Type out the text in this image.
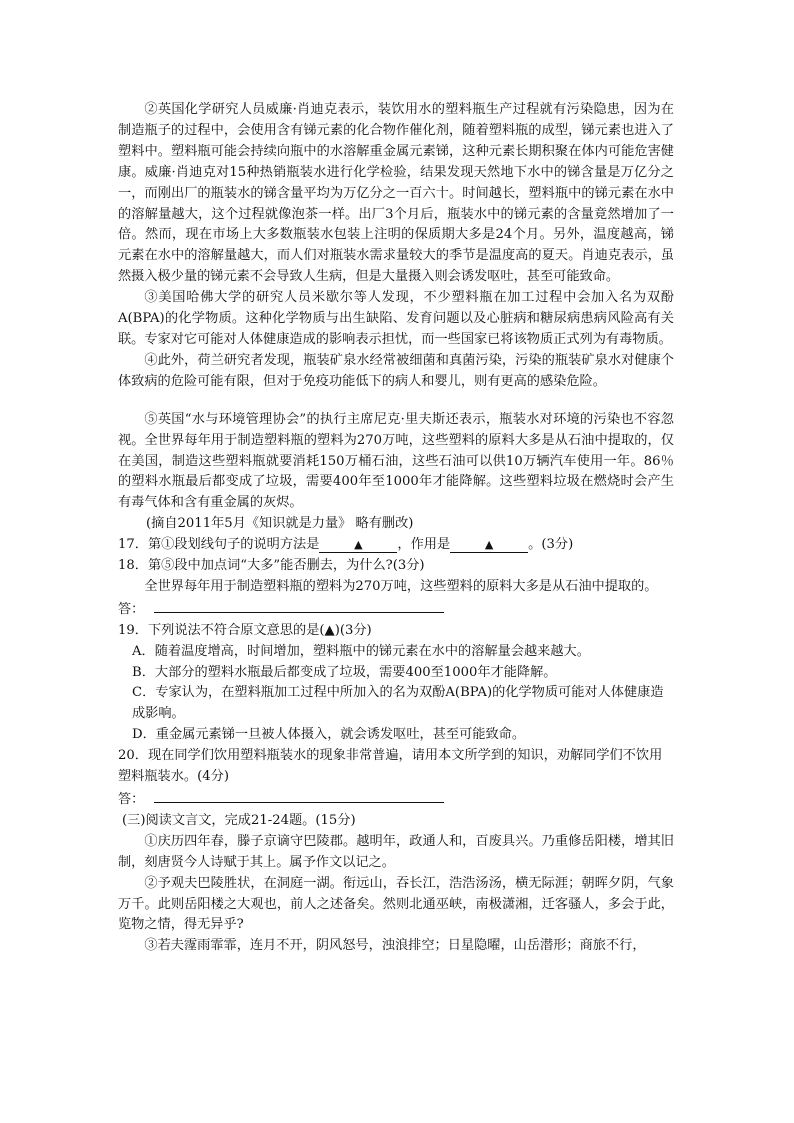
②英国化学研究人员威廉·肖迪克表示，装饮用水的塑料瓶生产过程就有污染隐患，因为在制造瓶子的过程中，会使用含有锑元素的化合物作催化剂，随着塑料瓶的成型，锑元素也进入了塑料中。塑料瓶可能会持续向瓶中的水溶解重金属元素锑，这种元素长期积聚在体内可能危害健康。威廉·肖迪克对15种热销瓶装水进行化学检验，结果发现天然地下水中的锑含量是万亿分之一，而刚出厂的瓶装水的锑含量平均为万亿分之一百六十。时间越长，塑料瓶中的锑元素在水中的溶解量越大，这个过程就像泡茶一样。出厂3个月后，瓶装水中的锑元素的含量竟然增加了一倍。然而，现在市场上大多数瓶装水包装上注明的保质期大多是24个月。另外，温度越高，锑元素在水中的溶解量越大，而人们对瓶装水需求量较大的季节是温度高的夏天。肖迪克表示，虽然摄入极少量的锑元素不会导致人生病，但是大量摄入则会诱发呕吐，甚至可能致命。

③美国哈佛大学的研究人员米歇尔等人发现，不少塑料瓶在加工过程中会加入名为双酚A(BPA)的化学物质。这种化学物质与出生缺陷、发育问题以及心脏病和糖尿病患病风险高有关联。专家对它可能对人体健康造成的影响表示担忧，而一些国家已将该物质正式列为有毒物质。

④此外，荷兰研究者发现，瓶装矿泉水经常被细菌和真菌污染，污染的瓶装矿泉水对健康个体致病的危险可能有限，但对于免疫功能低下的病人和婴儿，则有更高的感染危险。

⑤英国“水与环境管理协会”的执行主席尼克·里夫斯还表示，瓶装水对环境的污染也不容忽视。全世界每年用于制造塑料瓶的塑料为270万吨，这些塑料的原料大多是从石油中提取的，仅在美国，制造这些塑料瓶就要消耗150万桶石油，这些石油可以供10万辆汽车使用一年。86％的塑料水瓶最后都变成了垃圾，需要400年至1000年才能降解。这些塑料垃圾在燃烧时会产生有毒气体和含有重金属的灰烬。

(摘自2011年5月《知识就是力量》 略有删改)

17．第①段划线句子的说明方法是	▲	，作用是	▲	。(3分)

18．第⑤段中加点词“大多”能否删去，为什么?(3分)

全世界每年用于制造塑料瓶的塑料为270万吨，这些塑料的原料大多是从石油中提取的。

答：

19．下列说法不符合原文意思的是(▲)(3分)

A．随着温度增高，时间增加，塑料瓶中的锑元素在水中的溶解量会越来越大。

B．大部分的塑料水瓶最后都变成了垃圾，需要400至1000年才能降解。

C．专家认为，在塑料瓶加工过程中所加入的名为双酚A(BPA)的化学物质可能对人体健康造成影响。

D．重金属元素锑一旦被人体摄入，就会诱发呕吐，甚至可能致命。

20．现在同学们饮用塑料瓶装水的现象非常普遍，请用本文所学到的知识，劝解同学们不饮用塑料瓶装水。(4分)

答：

(三)阅读文言文，完成21-24题。(15分)

①庆历四年春，滕子京谪守巴陵郡。越明年，政通人和，百废具兴。乃重修岳阳楼，增其旧制，刻唐贤今人诗赋于其上。属予作文以记之。

②予观夫巴陵胜状，在洞庭一湖。衔远山，吞长江，浩浩汤汤，横无际涯；朝晖夕阴，气象万千。此则岳阳楼之大观也，前人之述备矣。然则北通巫峡，南极潇湘，迁客骚人，多会于此，览物之情，得无异乎?

③若夫霪雨霏霏，连月不开，阴风怒号，浊浪排空；日星隐曜，山岳潜形；商旅不行，
